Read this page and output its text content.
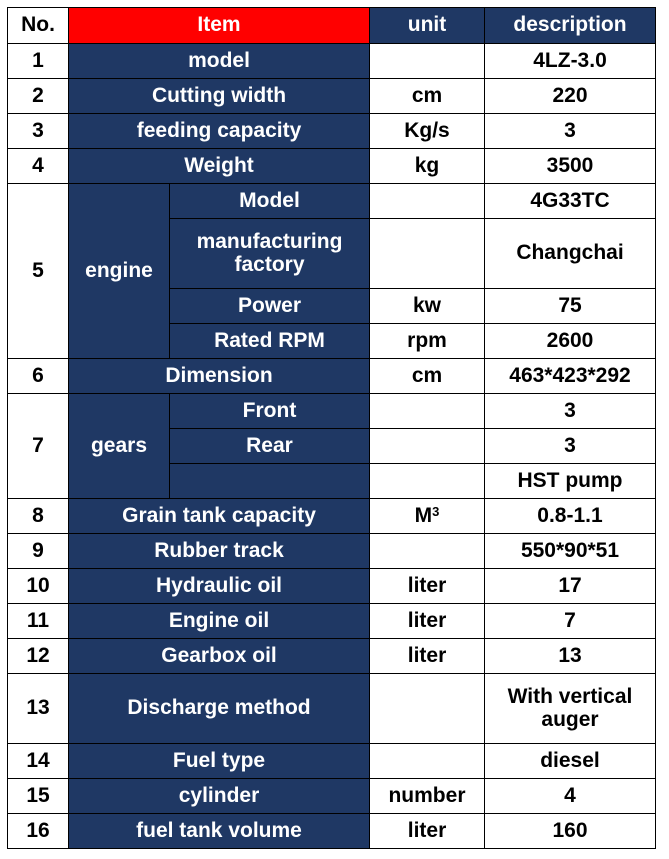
No.	Item		unit	description
1	model			4LZ-3.0
2	Cutting width		cm	220
3	feeding capacity		Kg/s	3
4	Weight		kg	3500
5	engine	Model		4G33TC
		manufacturing factory		Changchai
		Power	kw	75
		Rated RPM	rpm	2600
6	Dimension		cm	463*423*292
7	gears	Front		3
		Rear		3
				HST pump
8	Grain tank capacity		$M^3$	0.8-1.1
9	Rubber track			550*90*51
10	Hydraulic oil		liter	17
11	Engine oil		liter	7
12	Gearbox oil		liter	13
13	Discharge method			With vertical auger
14	Fuel type			diesel
15	cylinder		number	4
16	fuel tank volume		liter	160
